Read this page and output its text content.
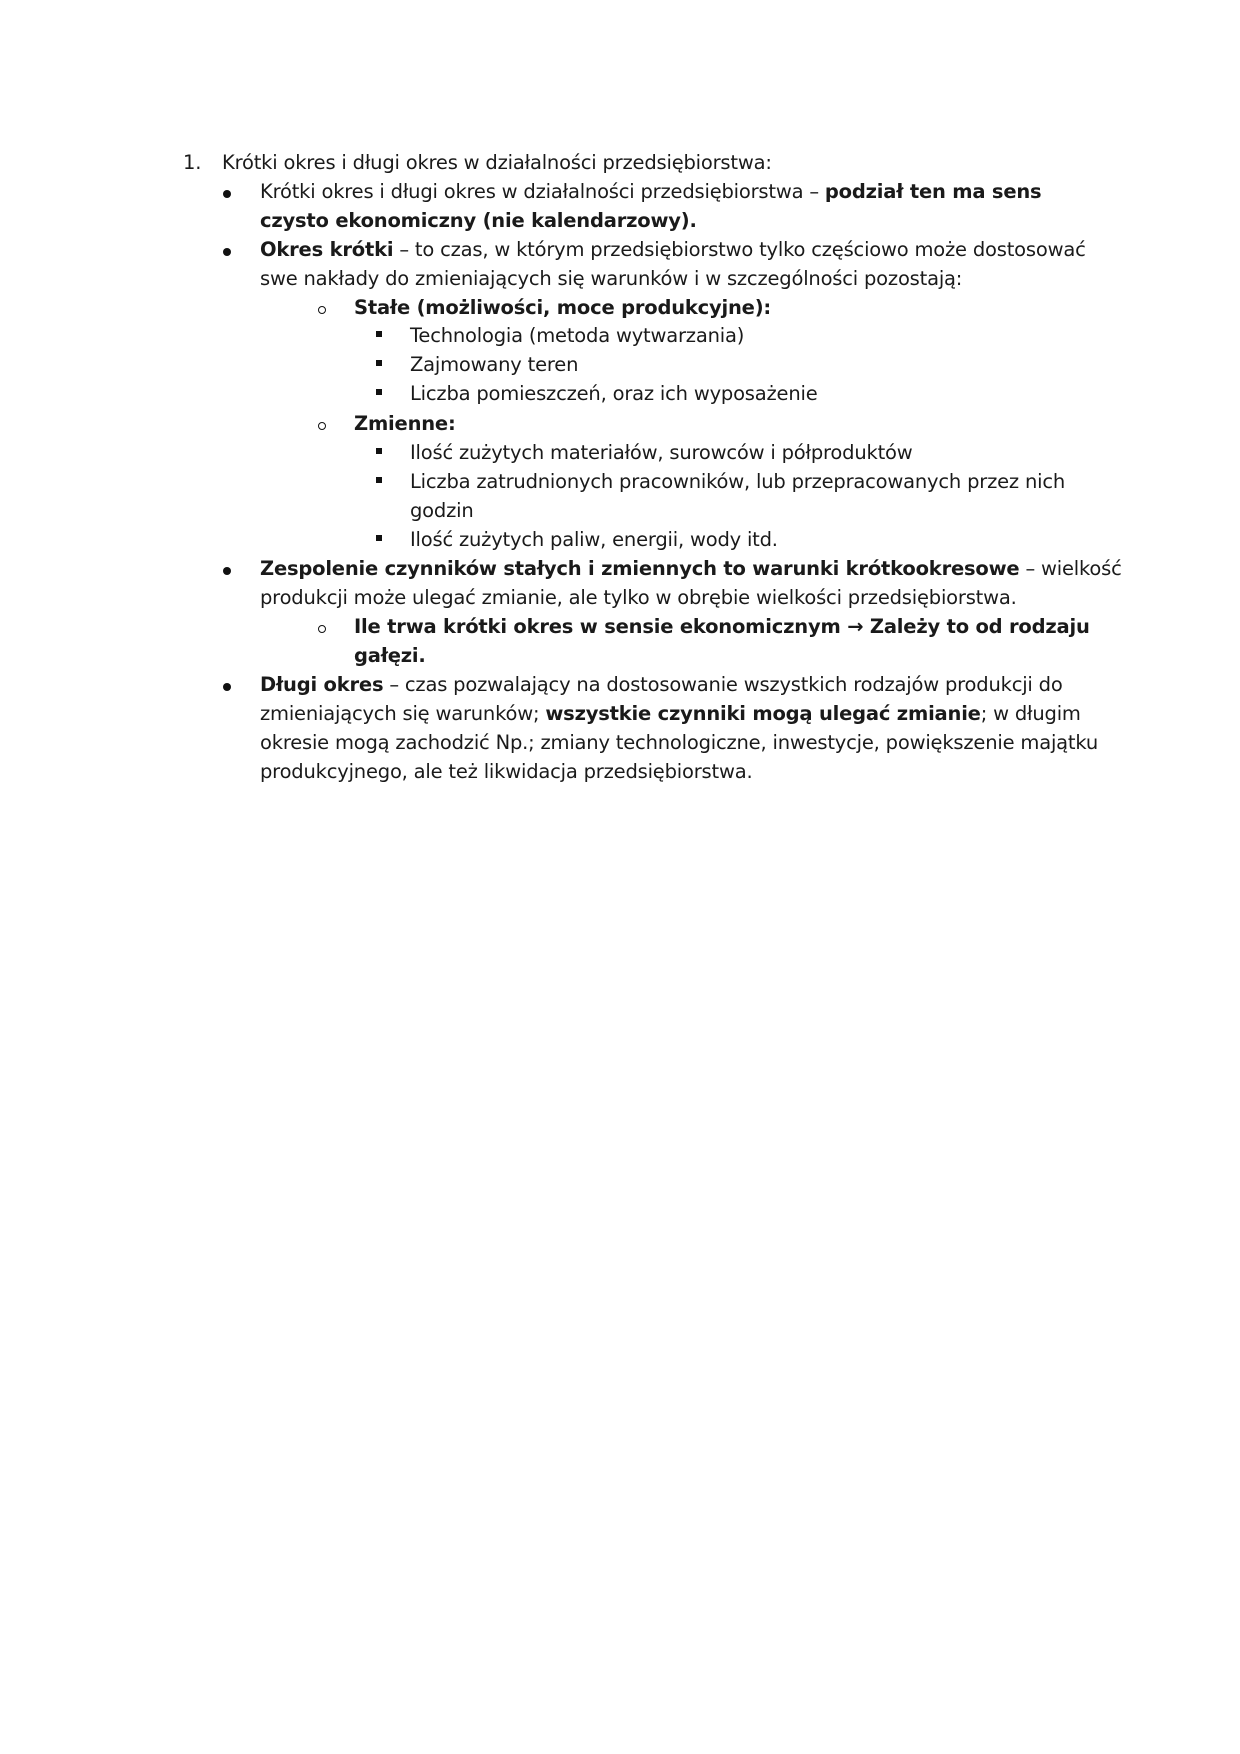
1. Krótki okres i długi okres w działalności przedsiębiorstwa:
Krótki okres i długi okres w działalności przedsiębiorstwa – podział ten ma sens
czysto ekonomiczny (nie kalendarzowy).
Okres krótki – to czas, w którym przedsiębiorstwo tylko częściowo może dostosować
swe nakłady do zmieniających się warunków i w szczególności pozostają:
Stałe (możliwości, moce produkcyjne):
Technologia (metoda wytwarzania)
Zajmowany teren
Liczba pomieszczeń, oraz ich wyposażenie
Zmienne:
Ilość zużytych materiałów, surowców i półproduktów
Liczba zatrudnionych pracowników, lub przepracowanych przez nich
godzin
Ilość zużytych paliw, energii, wody itd.
Zespolenie czynników stałych i zmiennych to warunki krótkookresowe – wielkość
produkcji może ulegać zmianie, ale tylko w obrębie wielkości przedsiębiorstwa.
Ile trwa krótki okres w sensie ekonomicznym → Zależy to od rodzaju
gałęzi.
Długi okres – czas pozwalający na dostosowanie wszystkich rodzajów produkcji do
zmieniających się warunków; wszystkie czynniki mogą ulegać zmianie; w długim
okresie mogą zachodzić Np.; zmiany technologiczne, inwestycje, powiększenie majątku
produkcyjnego, ale też likwidacja przedsiębiorstwa.
